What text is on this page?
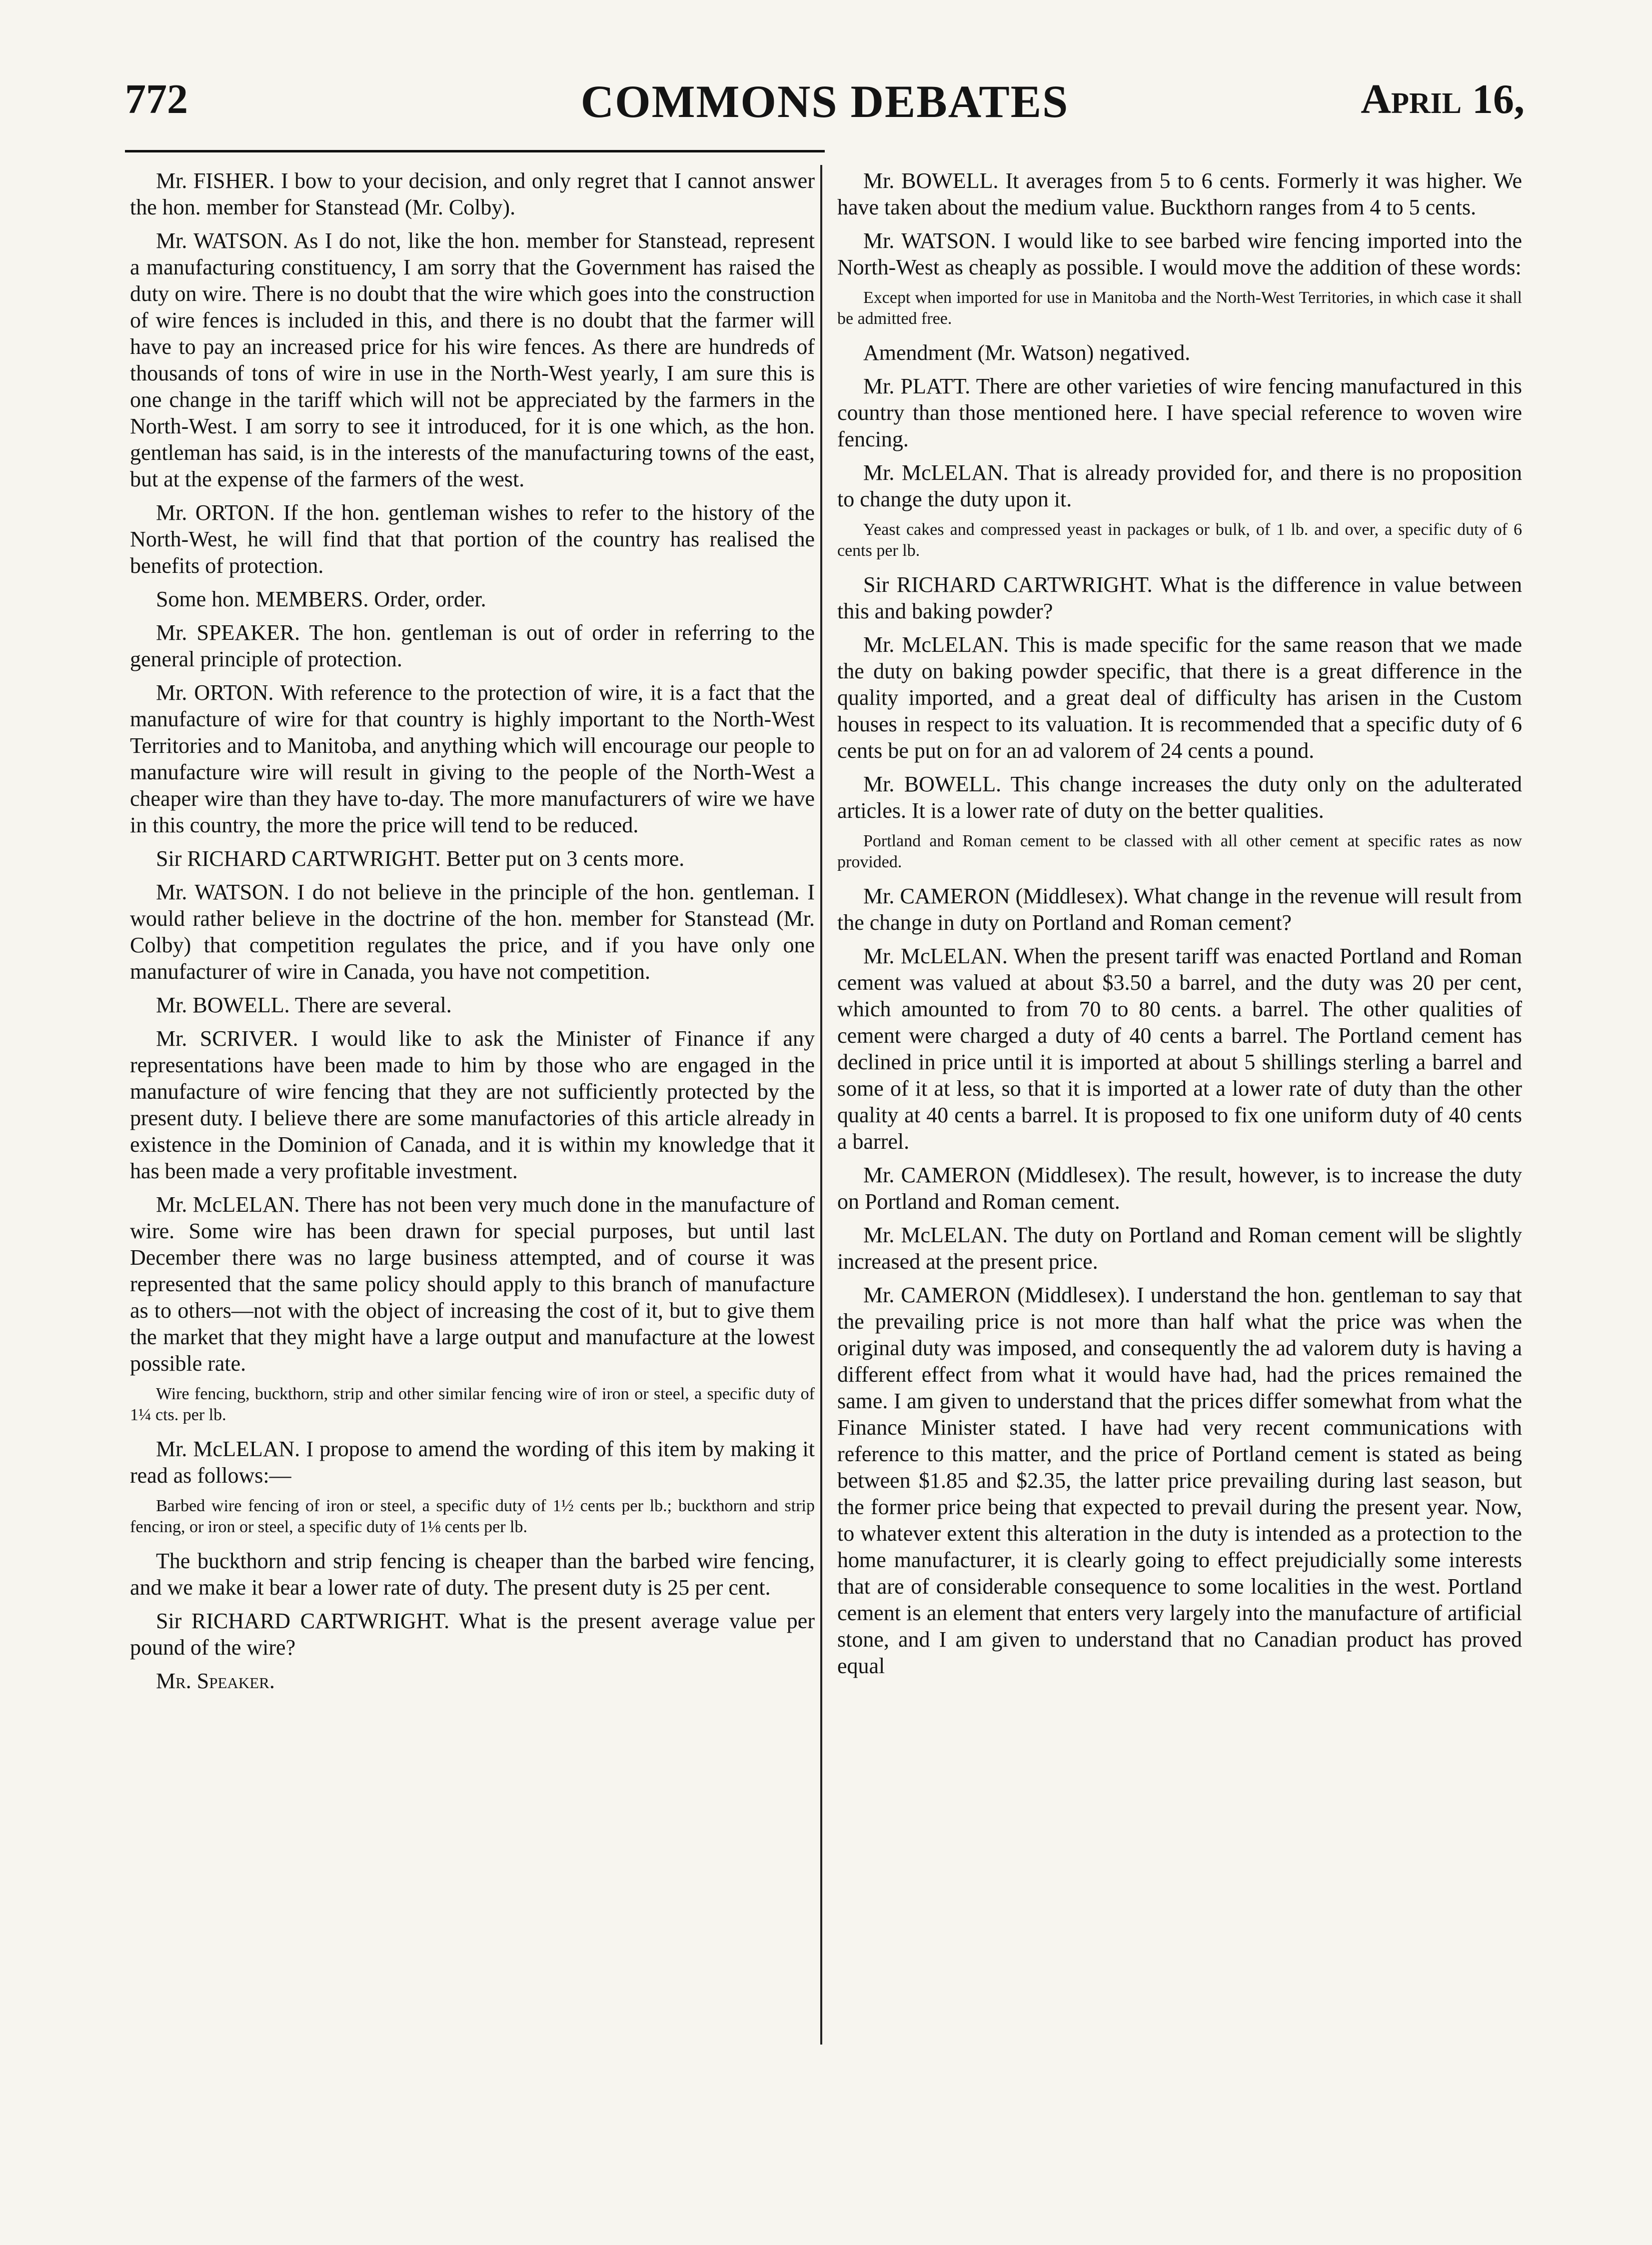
772	COMMONS DEBATES	April 16,

Mr. FISHER. I bow to your decision, and only regret that I cannot answer the hon. member for Stanstead (Mr. Colby).

Mr. WATSON. As I do not, like the hon. member for Stanstead, represent a manufacturing constituency, I am sorry that the Government has raised the duty on wire. There is no doubt that the wire which goes into the construction of wire fences is included in this, and there is no doubt that the farmer will have to pay an increased price for his wire fences. As there are hundreds of thousands of tons of wire in use in the North-West yearly, I am sure this is one change in the tariff which will not be appreciated by the farmers in the North-West. I am sorry to see it introduced, for it is one which, as the hon. gentleman has said, is in the interests of the manufacturing towns of the east, but at the expense of the farmers of the west.

Mr. ORTON. If the hon. gentleman wishes to refer to the history of the North-West, he will find that that portion of the country has realised the benefits of protection.

Some hon. MEMBERS. Order, order.

Mr. SPEAKER. The hon. gentleman is out of order in referring to the general principle of protection.

Mr. ORTON. With reference to the protection of wire, it is a fact that the manufacture of wire for that country is highly important to the North-West Territories and to Manitoba, and anything which will encourage our people to manufacture wire will result in giving to the people of the North-West a cheaper wire than they have to-day. The more manufacturers of wire we have in this country, the more the price will tend to be reduced.

Sir RICHARD CARTWRIGHT. Better put on 3 cents more.

Mr. WATSON. I do not believe in the principle of the hon. gentleman. I would rather believe in the doctrine of the hon. member for Stanstead (Mr. Colby) that competition regulates the price, and if you have only one manufacturer of wire in Canada, you have not competition.

Mr. BOWELL. There are several.

Mr. SCRIVER. I would like to ask the Minister of Finance if any representations have been made to him by those who are engaged in the manufacture of wire fencing that they are not sufficiently protected by the present duty. I believe there are some manufactories of this article already in existence in the Dominion of Canada, and it is within my knowledge that it has been made a very profitable investment.

Mr. McLELAN. There has not been very much done in the manufacture of wire. Some wire has been drawn for special purposes, but until last December there was no large business attempted, and of course it was represented that the same policy should apply to this branch of manufacture as to others—not with the object of increasing the cost of it, but to give them the market that they might have a large output and manufacture at the lowest possible rate.

Wire fencing, buckthorn, strip and other similar fencing wire of iron or steel, a specific duty of 1¼ cts. per lb.

Mr. McLELAN. I propose to amend the wording of this item by making it read as follows:—

Barbed wire fencing of iron or steel, a specific duty of 1½ cents per lb.; buckthorn and strip fencing, or iron or steel, a specific duty of 1⅛ cents per lb.

The buckthorn and strip fencing is cheaper than the barbed wire fencing, and we make it bear a lower rate of duty. The present duty is 25 per cent.

Sir RICHARD CARTWRIGHT. What is the present average value per pound of the wire?

Mr. Speaker.

Mr. BOWELL. It averages from 5 to 6 cents. Formerly it was higher. We have taken about the medium value. Buckthorn ranges from 4 to 5 cents.

Mr. WATSON. I would like to see barbed wire fencing imported into the North-West as cheaply as possible. I would move the addition of these words:

Except when imported for use in Manitoba and the North-West Territories, in which case it shall be admitted free.

Amendment (Mr. Watson) negatived.

Mr. PLATT. There are other varieties of wire fencing manufactured in this country than those mentioned here. I have special reference to woven wire fencing.

Mr. McLELAN. That is already provided for, and there is no proposition to change the duty upon it.

Yeast cakes and compressed yeast in packages or bulk, of 1 lb. and over, a specific duty of 6 cents per lb.

Sir RICHARD CARTWRIGHT. What is the difference in value between this and baking powder?

Mr. McLELAN. This is made specific for the same reason that we made the duty on baking powder specific, that there is a great difference in the quality imported, and a great deal of difficulty has arisen in the Custom houses in respect to its valuation. It is recommended that a specific duty of 6 cents be put on for an ad valorem of 24 cents a pound.

Mr. BOWELL. This change increases the duty only on the adulterated articles. It is a lower rate of duty on the better qualities.

Portland and Roman cement to be classed with all other cement at specific rates as now provided.

Mr. CAMERON (Middlesex). What change in the revenue will result from the change in duty on Portland and Roman cement?

Mr. McLELAN. When the present tariff was enacted Portland and Roman cement was valued at about $3.50 a barrel, and the duty was 20 per cent, which amounted to from 70 to 80 cents. a barrel. The other qualities of cement were charged a duty of 40 cents a barrel. The Portland cement has declined in price until it is imported at about 5 shillings sterling a barrel and some of it at less, so that it is imported at a lower rate of duty than the other quality at 40 cents a barrel. It is proposed to fix one uniform duty of 40 cents a barrel.

Mr. CAMERON (Middlesex). The result, however, is to increase the duty on Portland and Roman cement.

Mr. McLELAN. The duty on Portland and Roman cement will be slightly increased at the present price.

Mr. CAMERON (Middlesex). I understand the hon. gentleman to say that the prevailing price is not more than half what the price was when the original duty was imposed, and consequently the ad valorem duty is having a different effect from what it would have had, had the prices remained the same. I am given to understand that the prices differ somewhat from what the Finance Minister stated. I have had very recent communications with reference to this matter, and the price of Portland cement is stated as being between $1.85 and $2.35, the latter price prevailing during last season, but the former price being that expected to prevail during the present year. Now, to whatever extent this alteration in the duty is intended as a protection to the home manufacturer, it is clearly going to effect prejudicially some interests that are of considerable consequence to some localities in the west. Portland cement is an element that enters very largely into the manufacture of artificial stone, and I am given to understand that no Canadian product has proved equal
